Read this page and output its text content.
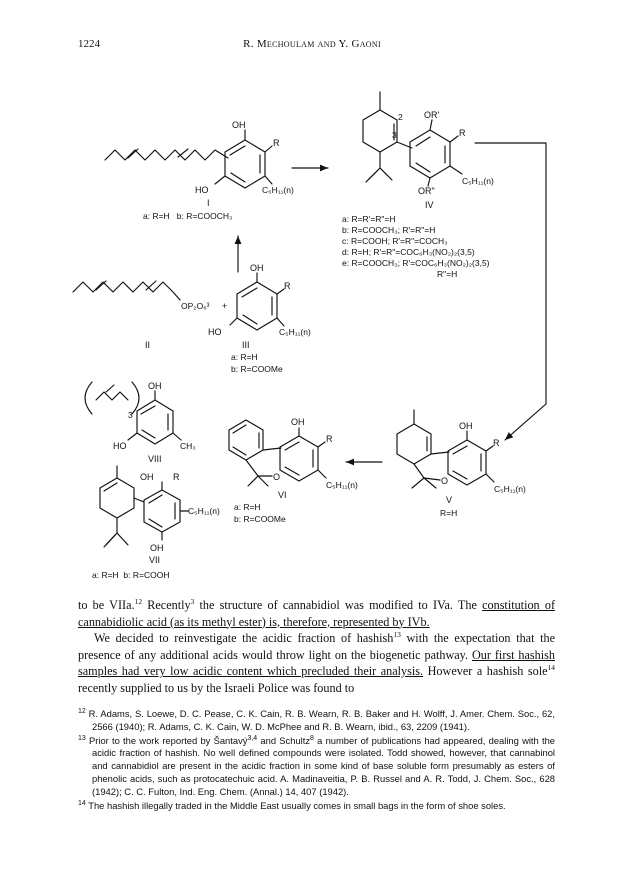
1224	R. Mechoulam and Y. Gaoni
OH
R
HO	C₅H₁₁(n)
I
a: R=H   b: R=COOCH₃
2
3
OR'
R
OR"
C₅H₁₁(n)
IV
a: R=R'=R"=H
b: R=COOCH₃; R'=R"=H
c: R=COOH; R'=R"=COCH₃
d: R=H; R'=R"=COC₆H₃(NO₂)₂(3,5)
e: R=COOCH₃; R'=COC₆H₃(NO₂)₂(3,5)
R"=H
OP₂O₆³ +
II
OH
R
HO	C₅H₁₁(n)
III
a: R=H
b: R=COOMe
OH
3
HO	CH₃
VIII
OH
R
O
C₅H₁₁(n)
VI
a: R=H
b: R=COOMe
OH
R
O
C₅H₁₁(n)
V
R=H
OH R
C₅H₁₁(n)
OH
VII
a: R=H  b: R=COOH

to be VIIa.$^{12}$ Recently$^3$ the structure of cannabidiol was modified to IVa. The constitution of cannabidiolic acid (as its methyl ester) is, therefore, represented by IVb.

We decided to reinvestigate the acidic fraction of hashish$^{13}$ with the expectation that the presence of any additional acids would throw light on the biogenetic pathway. Our first hashish samples had very low acidic content which precluded their analysis. However a hashish sole$^{14}$ recently supplied to us by the Israeli Police was found to

$^{12}$ R. Adams, S. Loewe, D. C. Pease, C. K. Cain, R. B. Wearn, R. B. Baker and H. Wolff, J. Amer. Chem. Soc., 62, 2566 (1940); R. Adams, C. K. Cain, W. D. McPhee and R. B. Wearn, ibid., 63, 2209 (1941).

$^{13}$ Prior to the work reported by Šantavý$^{3,4}$ and Schultz$^8$ a number of publications had appeared, dealing with the acidic fraction of hashish. No well defined compounds were isolated. Todd showed, however, that cannabinol and cannabidiol are present in the acidic fraction in some kind of base soluble form presumably as esters of phenolic acids, such as protocatechuic acid. A. Madinaveitia, P. B. Russel and A. R. Todd, J. Chem. Soc., 628 (1942); C. C. Fulton, Ind. Eng. Chem. (Annal.) 14, 407 (1942).

$^{14}$ The hashish illegally traded in the Middle East usually comes in small bags in the form of shoe soles.
